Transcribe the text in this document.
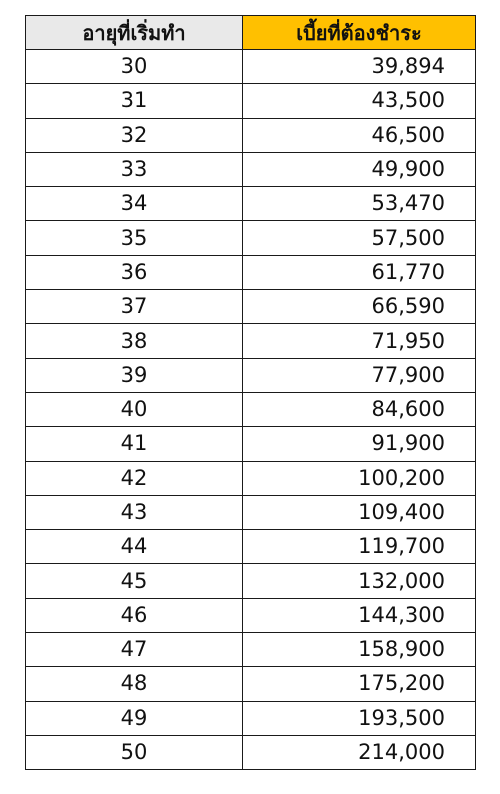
อายุที่เริ่มทำ	เบี้ยที่ต้องชำระ
30	39,894
31	43,500
32	46,500
33	49,900
34	53,470
35	57,500
36	61,770
37	66,590
38	71,950
39	77,900
40	84,600
41	91,900
42	100,200
43	109,400
44	119,700
45	132,000
46	144,300
47	158,900
48	175,200
49	193,500
50	214,000
